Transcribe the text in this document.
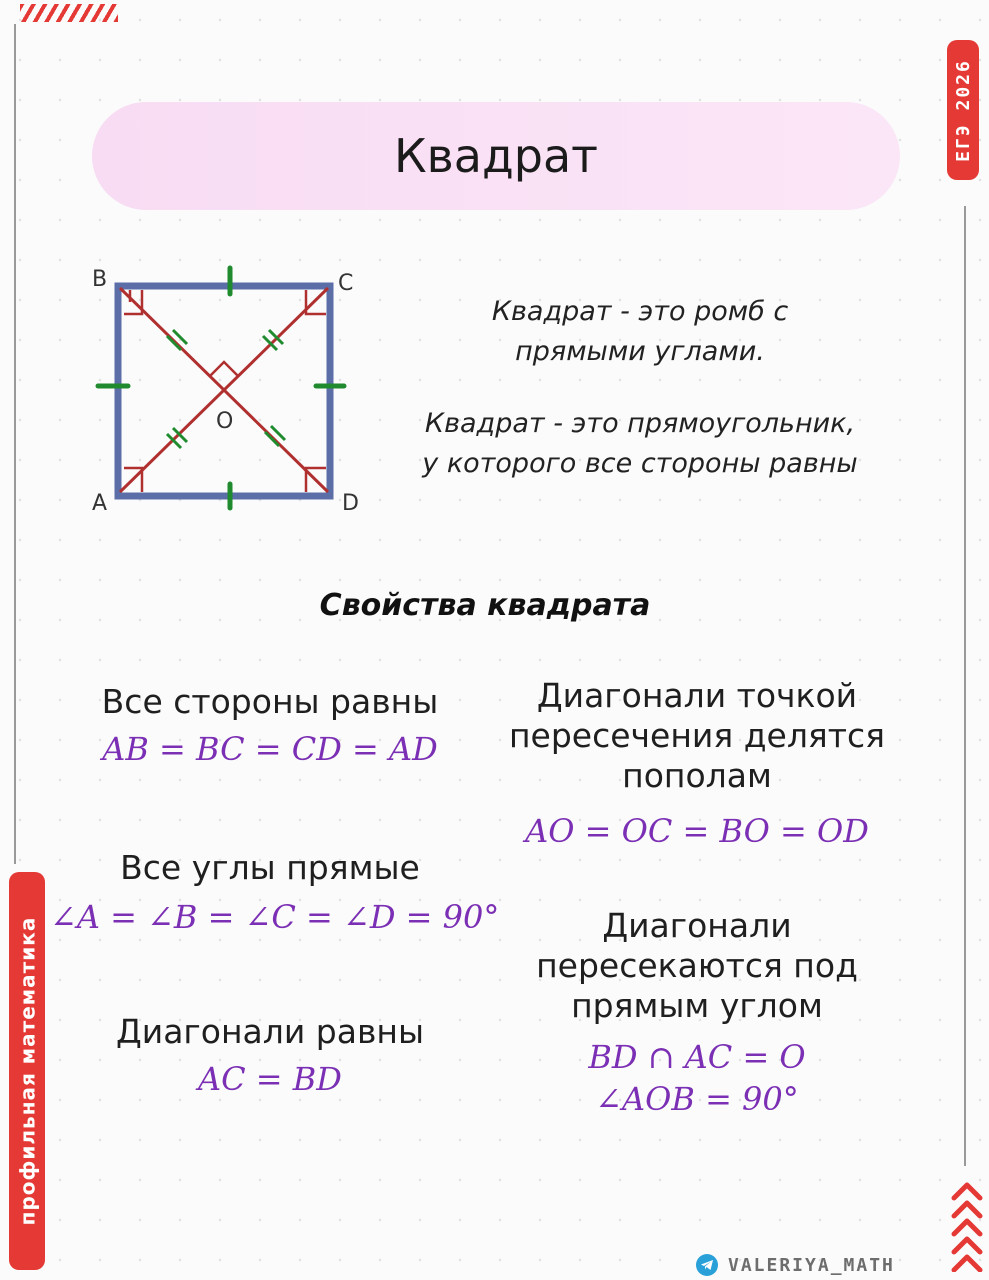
ЕГЭ 2026
профильная математика
Квадрат
B	C
A	D
O
Квадрат - это ромб с
прямыми углами.
Квадрат - это прямоугольник,
у которого все стороны равны
Свойства квадрата
Все стороны равны
AB = BC = CD = AD
Все углы прямые
∠A = ∠B = ∠C = ∠D = 90°
Диагонали равны
AC = BD
Диагонали точкой
пересечения делятся
пополам
AO = OC = BO = OD
Диагонали
пересекаются под
прямым углом
BD ∩ AC = O
∠AOB = 90°
VALERIYA_MATH
